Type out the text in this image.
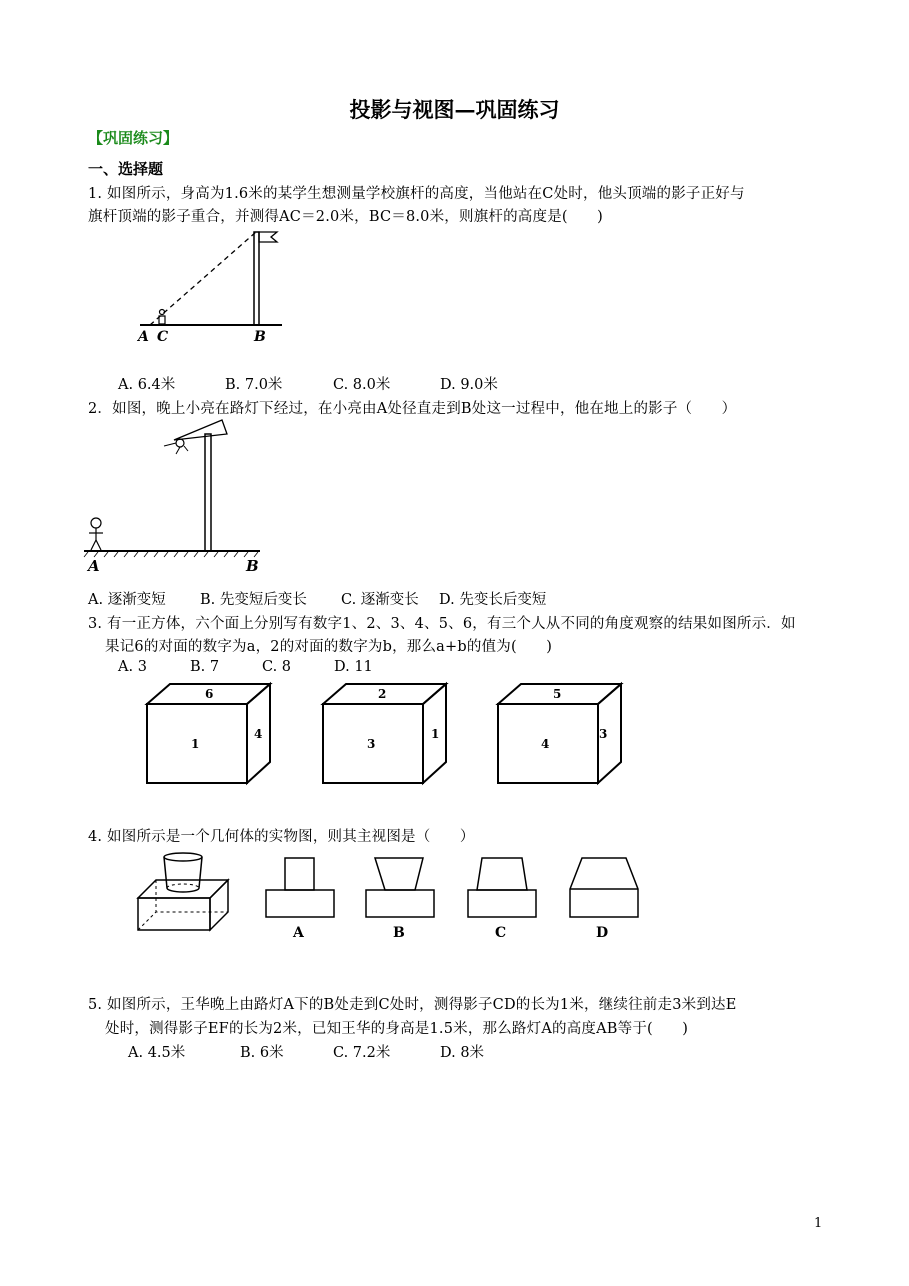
投影与视图—巩固练习
【巩固练习】
一、选择题
1. 如图所示，身高为1.6米的某学生想测量学校旗杆的高度，当他站在C处时，他头顶端的影子正好与
旗杆顶端的影子重合，并测得AC＝2.0米，BC＝8.0米，则旗杆的高度是(　　)
A C	B
A. 6.4米	B. 7.0米	C. 8.0米	D. 9.0米
2．如图，晚上小亮在路灯下经过，在小亮由A处径直走到B处这一过程中，他在地上的影子（　　）
A	B
A. 逐渐变短 B. 先变短后变长 C. 逐渐变长 D. 先变长后变短
3. 有一正方体，六个面上分别写有数字1、2、3、4、5、6，有三个人从不同的角度观察的结果如图所示．如
果记6的对面的数字为a，2的对面的数字为b，那么a+b的值为(　　)
A. 3	B. 7	C. 8	D. 11
6
1
4
2
3
1
5
4
3
4. 如图所示是一个几何体的实物图，则其主视图是（　　）
A	B	C	D
5. 如图所示，王华晚上由路灯A下的B处走到C处时，测得影子CD的长为1米，继续往前走3米到达E
处时，测得影子EF的长为2米，已知王华的身高是1.5米，那么路灯A的高度AB等于(　　)
A. 4.5米	B. 6米	C. 7.2米	D. 8米
1
